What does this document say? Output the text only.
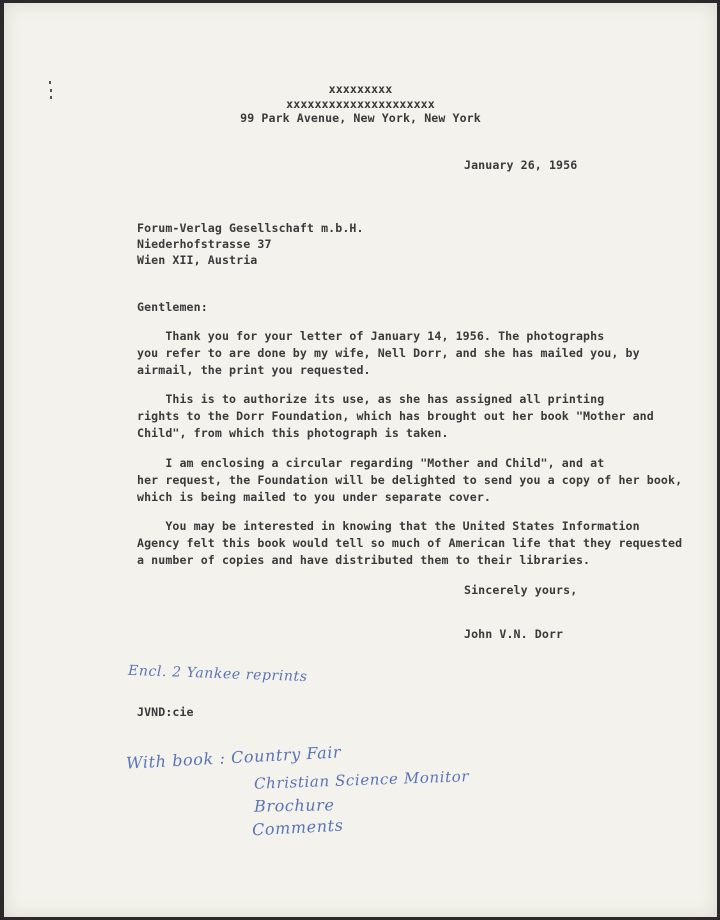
xxxxxxxxx

xxxxxxxxxxxxxxxxxxxxx

99 Park Avenue, New York, New York

January 26, 1956

Forum-Verlag Gesellschaft m.b.H.

Niederhofstrasse 37

Wien XII, Austria

Gentlemen:

Thank you for your letter of January 14, 1956. The photographs
you refer to are done by my wife, Nell Dorr, and she has mailed you, by
airmail, the print you requested.

This is to authorize its use, as she has assigned all printing
rights to the Dorr Foundation, which has brought out her book "Mother and
Child", from which this photograph is taken.

I am enclosing a circular regarding "Mother and Child", and at
her request, the Foundation will be delighted to send you a copy of her book,
which is being mailed to you under separate cover.

You may be interested in knowing that the United States Information
Agency felt this book would tell so much of American life that they requested
a number of copies and have distributed them to their libraries.

Sincerely yours,

John V.N. Dorr

Encl. 2 Yankee reprints

JVND:cie

With book : Country Fair

Christian Science Monitor

Brochure

Comments
